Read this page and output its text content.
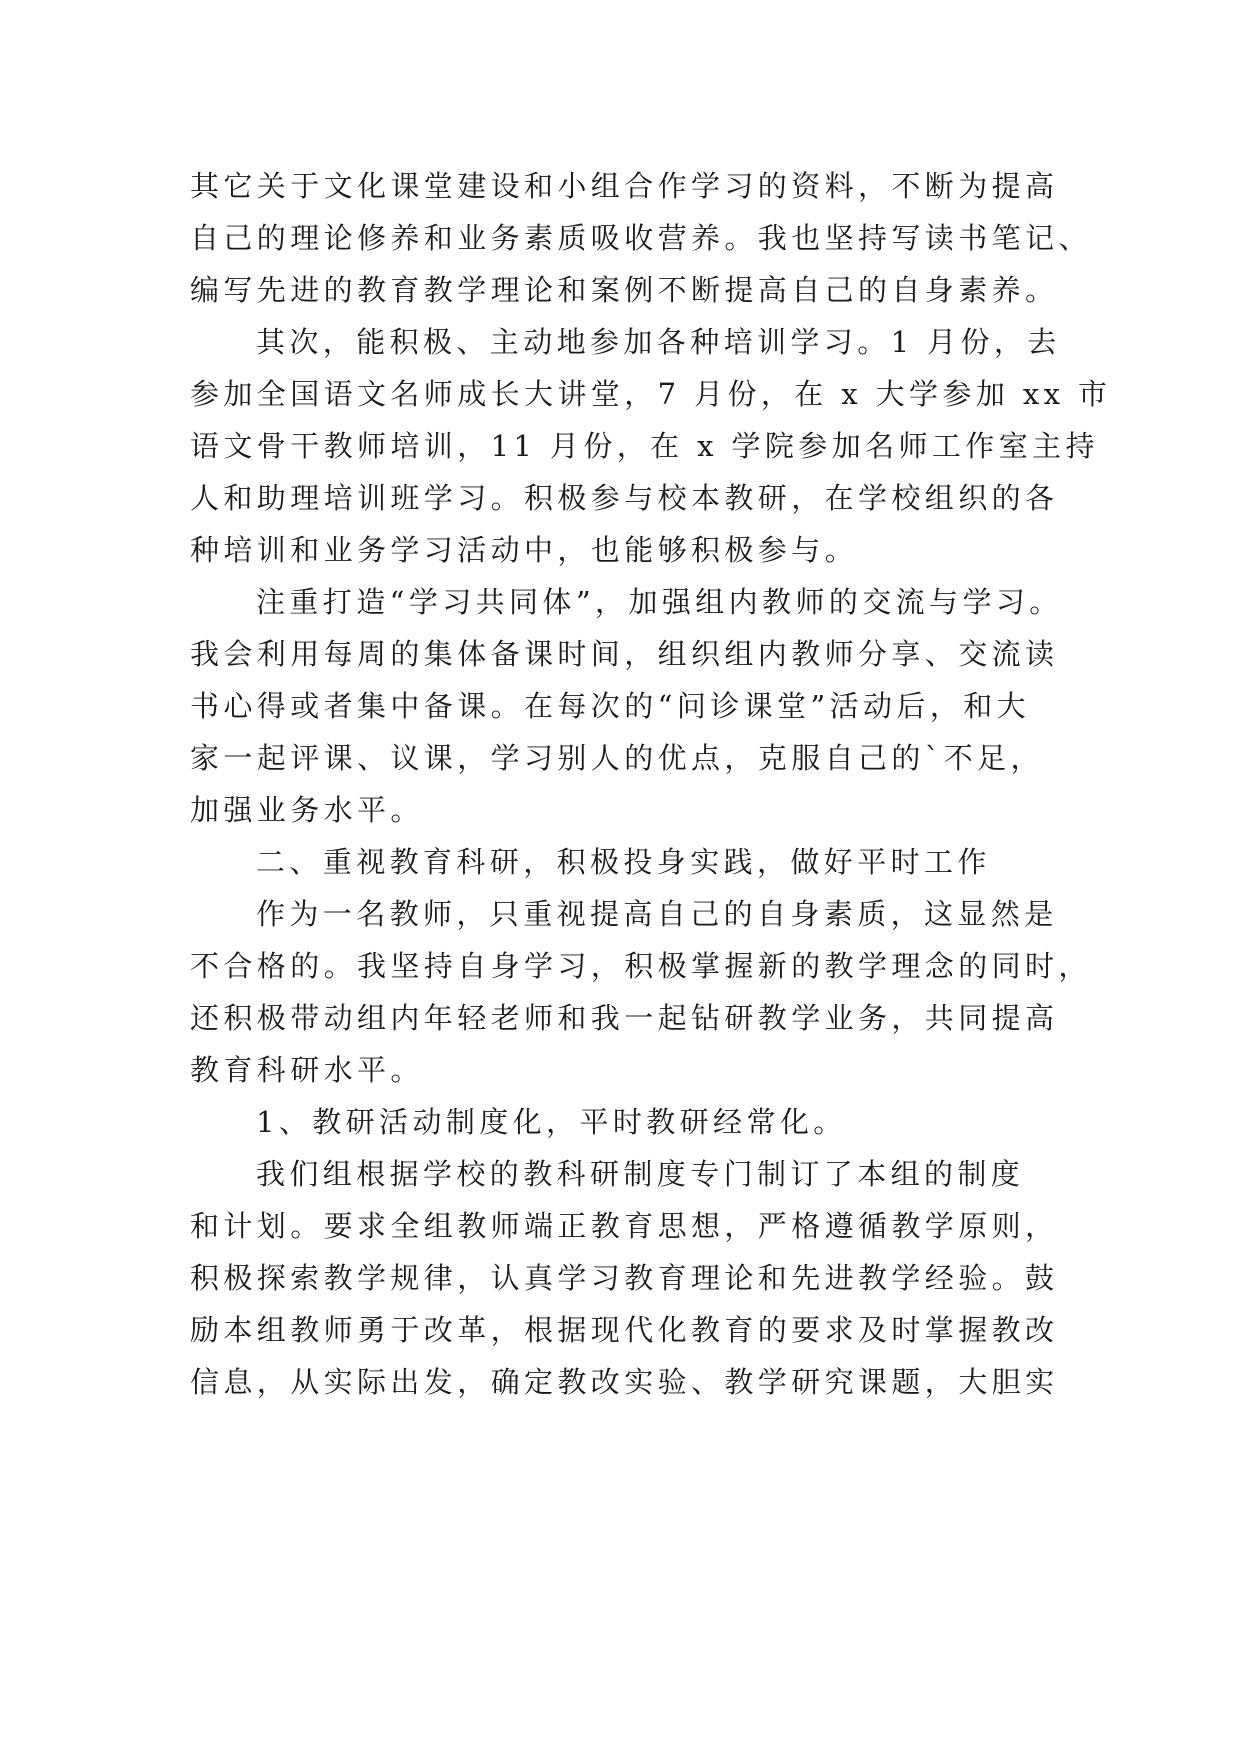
其它关于文化课堂建设和小组合作学习的资料，不断为提高
自己的理论修养和业务素质吸收营养。我也坚持写读书笔记、
编写先进的教育教学理论和案例不断提高自己的自身素养。
其次，能积极、主动地参加各种培训学习。1 月份，去
参加全国语文名师成长大讲堂，7 月份，在 x 大学参加 xx 市
语文骨干教师培训，11 月份，在 x 学院参加名师工作室主持
人和助理培训班学习。积极参与校本教研，在学校组织的各
种培训和业务学习活动中，也能够积极参与。
注重打造“学习共同体”，加强组内教师的交流与学习。
我会利用每周的集体备课时间，组织组内教师分享、交流读
书心得或者集中备课。在每次的“问诊课堂”活动后，和大
家一起评课、议课，学习别人的优点，克服自己的`不足，
加强业务水平。
二、重视教育科研，积极投身实践，做好平时工作
作为一名教师，只重视提高自己的自身素质，这显然是
不合格的。我坚持自身学习，积极掌握新的教学理念的同时，
还积极带动组内年轻老师和我一起钻研教学业务，共同提高
教育科研水平。
1、教研活动制度化，平时教研经常化。
我们组根据学校的教科研制度专门制订了本组的制度
和计划。要求全组教师端正教育思想，严格遵循教学原则，
积极探索教学规律，认真学习教育理论和先进教学经验。鼓
励本组教师勇于改革，根据现代化教育的要求及时掌握教改
信息，从实际出发，确定教改实验、教学研究课题，大胆实
